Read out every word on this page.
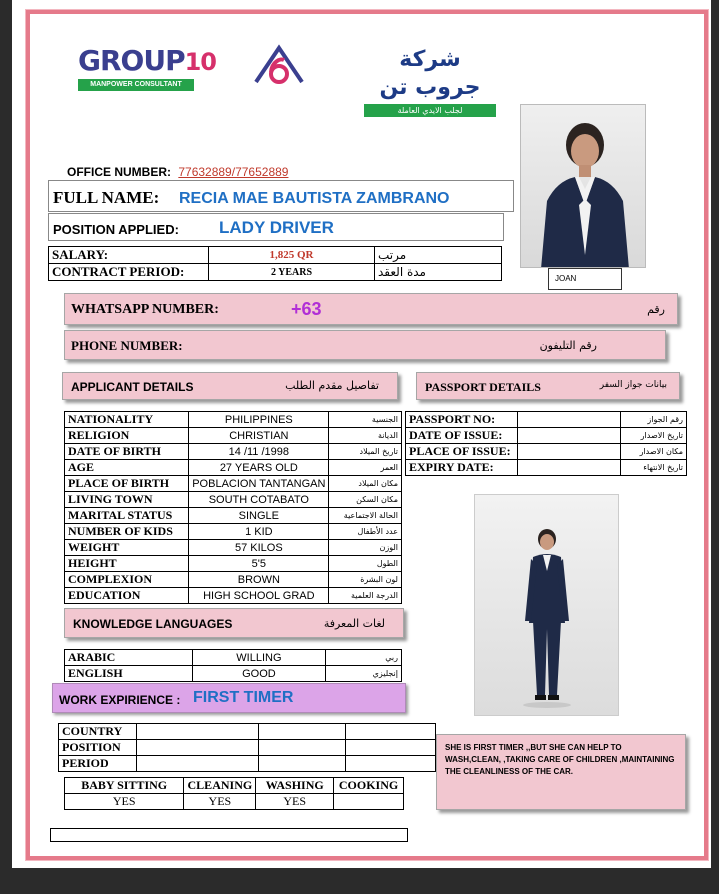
GROUP10
MANPOWER CONSULTANT
شركة جروب تن
لجلب الايدي العاملة
JOAN
OFFICE NUMBER: 77632889/77652889
FULL NAME: RECIA MAE BAUTISTA ZAMBRANO
POSITION APPLIED: LADY DRIVER
SALARY:	1,825 QR	مرتب
CONTRACT PERIOD:	2 YEARS	مدة العقد
WHATSAPP NUMBER:	+63	رقم
PHONE NUMBER:	رقم التليفون
APPLICANT DETAILS	تفاصيل مقدم الطلب	PASSPORT DETAILS	بيانات جواز السفر
NATIONALITY	PHILIPPINES	الجنسية
RELIGION	CHRISTIAN	الديانة
DATE OF BIRTH	14 /11 /1998	تاريخ الميلاد
AGE	27 YEARS OLD	العمر
PLACE OF BIRTH	POBLACION TANTANGAN	مكان الميلاد
LIVING TOWN	SOUTH COTABATO	مكان السكن
MARITAL STATUS	SINGLE	الحالة الاجتماعية
NUMBER OF KIDS	1 KID	عدد الأطفال
WEIGHT	57 KILOS	الوزن
HEIGHT	5'5	الطول
COMPLEXION	BROWN	لون البشرة
EDUCATION	HIGH SCHOOL GRAD	الدرجة العلمية
PASSPORT NO:		رقم الجواز
DATE OF ISSUE:		تاريخ الاصدار
PLACE OF ISSUE:		مكان الاصدار
EXPIRY DATE:		تاريخ الانتهاء
KNOWLEDGE LANGUAGES	لغات المعرفة
ARABIC	WILLING	ربي
ENGLISH	GOOD	إنجليزي
WORK EXPIRIENCE : FIRST TIMER
COUNTRY			
POSITION			
PERIOD			
BABY SITTING	CLEANING	WASHING	COOKING
YES	YES	YES	
SHE IS FIRST TIMER ,,BUT SHE CAN HELP TO WASH,CLEAN, ,TAKING CARE OF CHILDREN ,MAINTAINING THE CLEANLINESS OF THE CAR.
